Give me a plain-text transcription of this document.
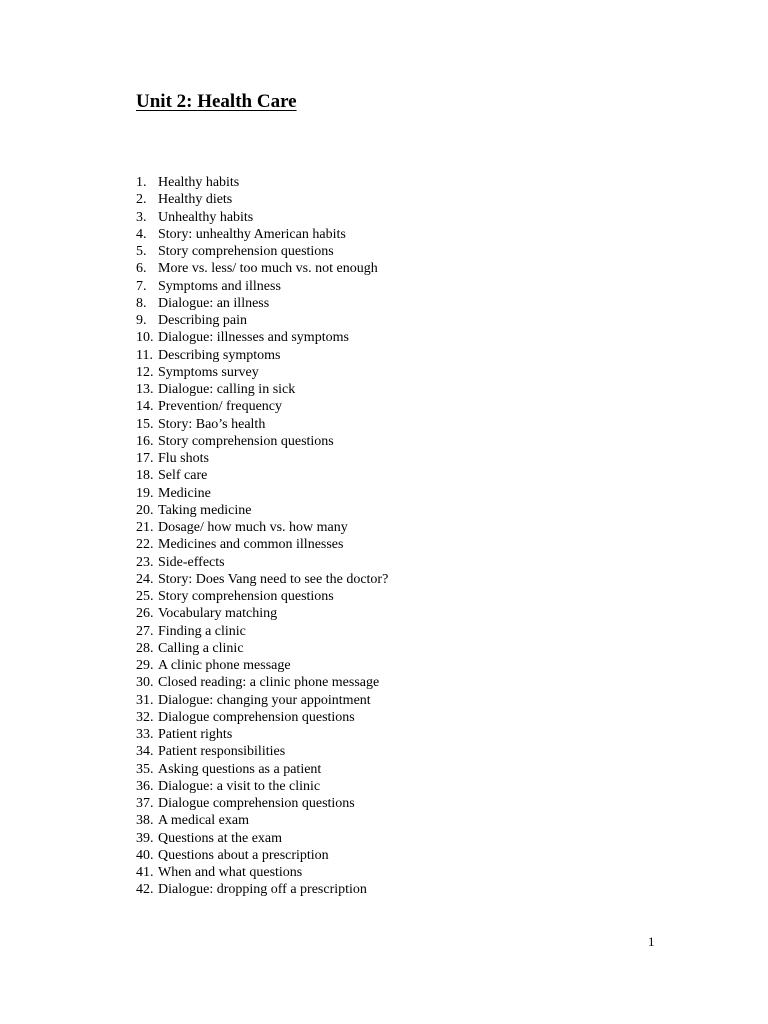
Unit 2: Health Care
1. Healthy habits
2. Healthy diets
3. Unhealthy habits
4. Story: unhealthy American habits
5. Story comprehension questions
6. More vs. less/ too much vs. not enough
7. Symptoms and illness
8. Dialogue: an illness
9. Describing pain
10. Dialogue: illnesses and symptoms
11. Describing symptoms
12. Symptoms survey
13. Dialogue: calling in sick
14. Prevention/ frequency
15. Story: Bao’s health
16. Story comprehension questions
17. Flu shots
18. Self care
19. Medicine
20. Taking medicine
21. Dosage/ how much vs. how many
22. Medicines and common illnesses
23. Side-effects
24. Story: Does Vang need to see the doctor?
25. Story comprehension questions
26. Vocabulary matching
27. Finding a clinic
28. Calling a clinic
29. A clinic phone message
30. Closed reading: a clinic phone message
31. Dialogue: changing your appointment
32. Dialogue comprehension questions
33. Patient rights
34. Patient responsibilities
35. Asking questions as a patient
36. Dialogue: a visit to the clinic
37. Dialogue comprehension questions
38. A medical exam
39. Questions at the exam
40. Questions about a prescription
41. When and what questions
42. Dialogue: dropping off a prescription
1
